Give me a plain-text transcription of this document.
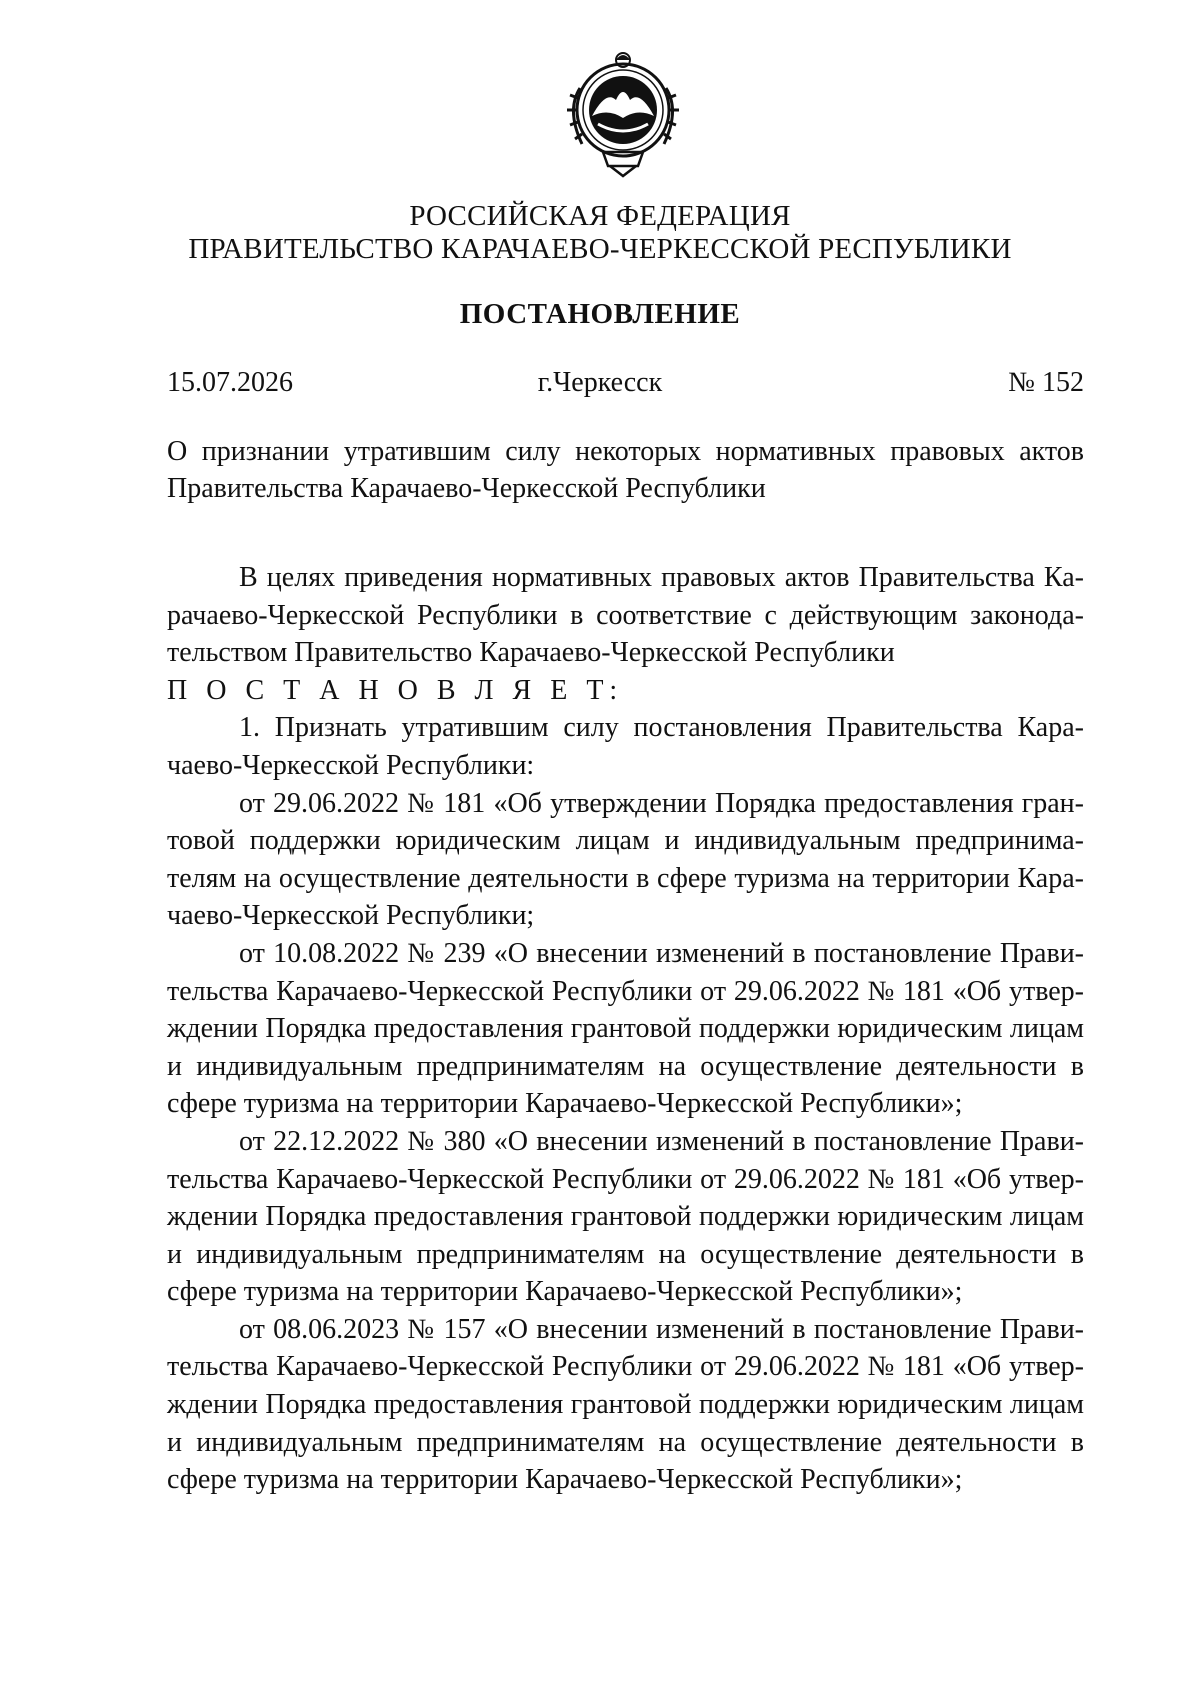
РОССИЙСКАЯ ФЕДЕРАЦИЯ
ПРАВИТЕЛЬСТВО КАРАЧАЕВО-ЧЕРКЕССКОЙ РЕСПУБЛИКИ
ПОСТАНОВЛЕНИЕ
г.Черкесск
15.07.2026	№ 152
О признании утратившим силу некоторых нормативных правовых актов Правительства Карачаево-Черкесской Республики

В целях приведения нормативных правовых актов Правительства Карачаево-Черкесской Республики в соответствие с действующим законодательством Правительство Карачаево-Черкесской Республики

П О С Т А Н О В Л Я Е Т:

1. Признать утратившим силу постановления Правительства Карачаево-Черкесской Республики:

от 29.06.2022 № 181 «Об утверждении Порядка предоставления грантовой поддержки юридическим лицам и индивидуальным предпринимателям на осуществление деятельности в сфере туризма на территории Карачаево-Черкесской Республики;

от 10.08.2022 № 239 «О внесении изменений в постановление Правительства Карачаево-Черкесской Республики от 29.06.2022 № 181 «Об утверждении Порядка предоставления грантовой поддержки юридическим лицам и индивидуальным предпринимателям на осуществление деятельности в сфере туризма на территории Карачаево-Черкесской Республики»;

от 22.12.2022 № 380 «О внесении изменений в постановление Правительства Карачаево-Черкесской Республики от 29.06.2022 № 181 «Об утверждении Порядка предоставления грантовой поддержки юридическим лицам и индивидуальным предпринимателям на осуществление деятельности в сфере туризма на территории Карачаево-Черкесской Республики»;

от 08.06.2023 № 157 «О внесении изменений в постановление Правительства Карачаево-Черкесской Республики от 29.06.2022 № 181 «Об утверждении Порядка предоставления грантовой поддержки юридическим лицам и индивидуальным предпринимателям на осуществление деятельности в сфере туризма на территории Карачаево-Черкесской Республики»;
